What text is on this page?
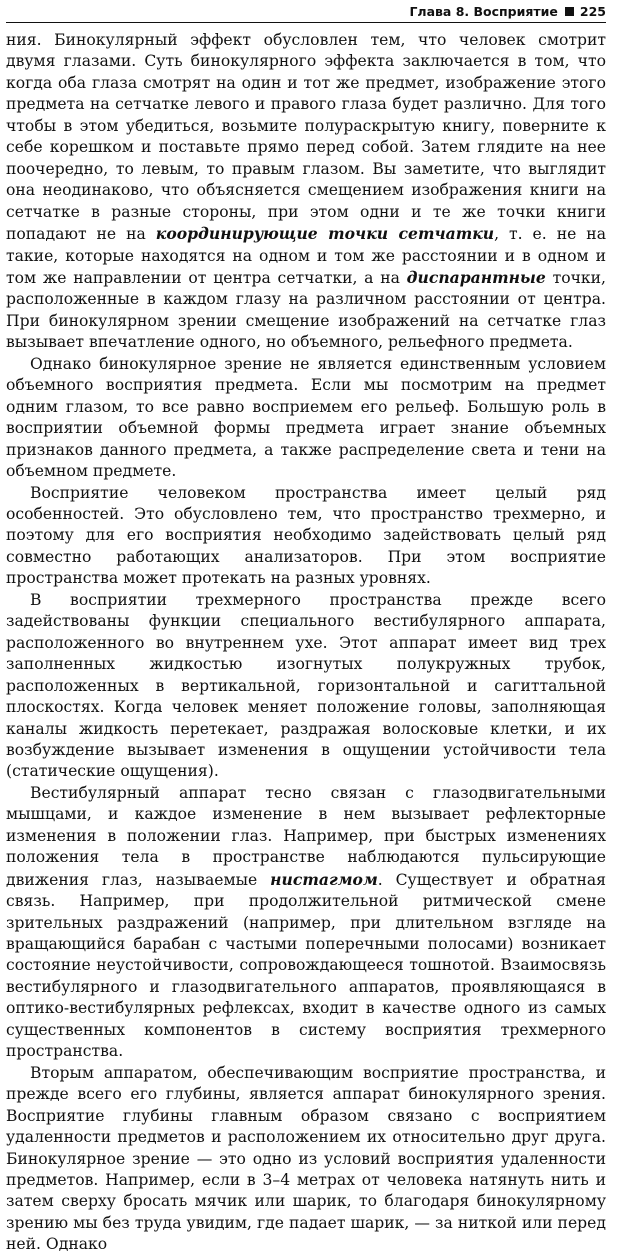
Глава 8. Восприятие 225

ния. Бинокулярный эффект обусловлен тем, что человек смотрит двумя глазами. Суть бинокулярного эффекта заключается в том, что когда оба глаза смотрят на один и тот же предмет, изображение этого предмета на сетчатке левого и правого глаза будет различно. Для того чтобы в этом убедиться, возьмите полураскрытую книгу, поверните к себе корешком и поставьте прямо перед собой. Затем глядите на нее поочередно, то левым, то правым глазом. Вы заметите, что выглядит она неодинаково, что объясняется смещением изображения книги на сетчатке в разные стороны, при этом одни и те же точки книги попадают не на координирующие точки сетчатки, т. е. не на такие, которые находятся на одном и том же расстоянии и в одном и том же направлении от центра сетчатки, а на диспарантные точки, расположенные в каждом глазу на различном расстоянии от центра. При бинокулярном зрении смещение изображений на сетчатке глаз вызывает впечатление одного, но объемного, рельефного предмета.

Однако бинокулярное зрение не является единственным условием объемного восприятия предмета. Если мы посмотрим на предмет одним глазом, то все равно восприемем его рельеф. Большую роль в восприятии объемной формы предмета играет знание объемных признаков данного предмета, а также распределение света и тени на объемном предмете.

Восприятие человеком пространства имеет целый ряд особенностей. Это обусловлено тем, что пространство трехмерно, и поэтому для его восприятия необходимо задействовать целый ряд совместно работающих анализаторов. При этом восприятие пространства может протекать на разных уровнях.

В восприятии трехмерного пространства прежде всего задействованы функции специального вестибулярного аппарата, расположенного во внутреннем ухе. Этот аппарат имеет вид трех заполненных жидкостью изогнутых полукружных трубок, расположенных в вертикальной, горизонтальной и сагиттальной плоскостях. Когда человек меняет положение головы, заполняющая каналы жидкость перетекает, раздражая волосковые клетки, и их возбуждение вызывает изменения в ощущении устойчивости тела (статические ощущения).

Вестибулярный аппарат тесно связан с глазодвигательными мышцами, и каждое изменение в нем вызывает рефлекторные изменения в положении глаз. Например, при быстрых изменениях положения тела в пространстве наблюдаются пульсирующие движения глаз, называемые нистагмом. Существует и обратная связь. Например, при продолжительной ритмической смене зрительных раздражений (например, при длительном взгляде на вращающийся барабан с частыми поперечными полосами) возникает состояние неустойчивости, сопровождающееся тошнотой. Взаимосвязь вестибулярного и глазодвигательного аппаратов, проявляющаяся в оптико-вестибулярных рефлексах, входит в качестве одного из самых существенных компонентов в систему восприятия трехмерного пространства.

Вторым аппаратом, обеспечивающим восприятие пространства, и прежде всего его глубины, является аппарат бинокулярного зрения. Восприятие глубины главным образом связано с восприятием удаленности предметов и расположением их относительно друг друга. Бинокулярное зрение — это одно из условий восприятия удаленности предметов. Например, если в 3–4 метрах от человека натянуть нить и затем сверху бросать мячик или шарик, то благодаря бинокулярному зрению мы без труда увидим, где падает шарик, — за ниткой или перед ней. Однако
